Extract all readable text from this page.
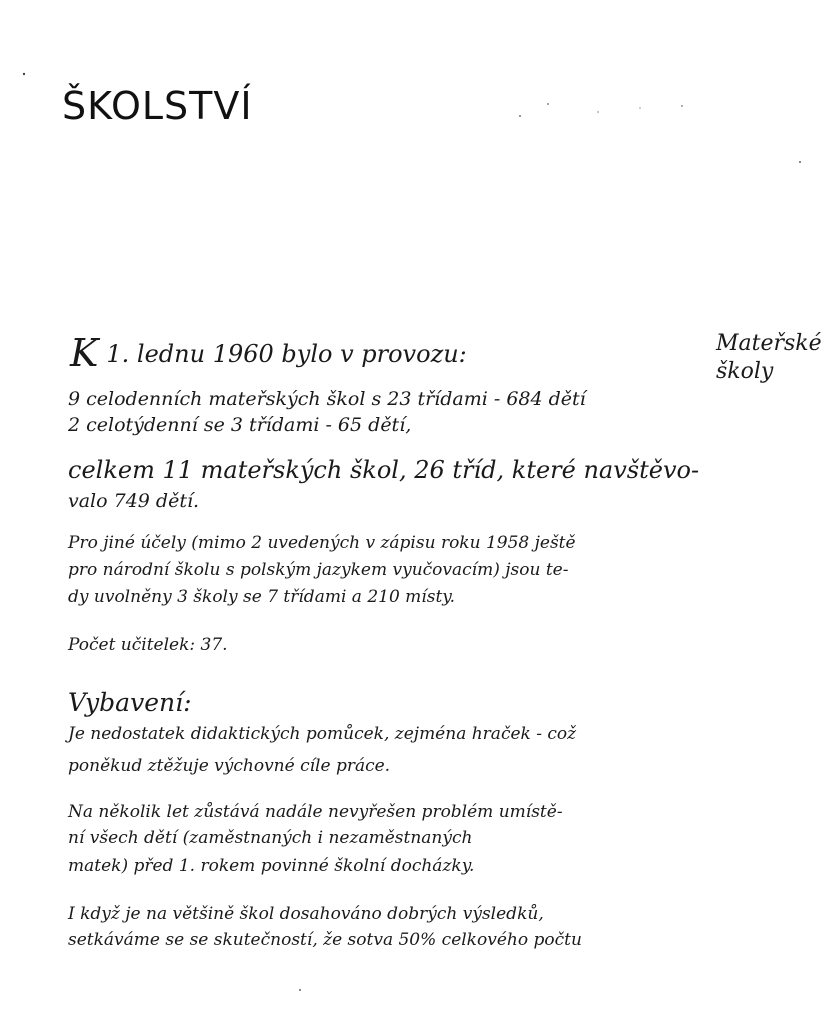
ŠKOLSTVÍ
Mateřské
školy
K 1. lednu 1960 bylo v provozu:
9 celodenních mateřských škol s 23 třídami - 684 dětí
2 celotýdenní se 3 třídami - 65 dětí,
celkem 11 mateřských škol, 26 tříd, které navštěvo-
valo 749 dětí.
Pro jiné účely (mimo 2 uvedených v zápisu roku 1958 ještě
pro národní školu s polským jazykem vyučovacím) jsou te-
dy uvolněny 3 školy se 7 třídami a 210 místy.
Počet učitelek: 37.
Vybavení:
Je nedostatek didaktických pomůcek, zejména hraček - což
poněkud ztěžuje výchovné cíle práce.
Na několik let zůstává nadále nevyřešen problém umístě-
ní všech dětí (zaměstnaných i nezaměstnaných
matek) před 1. rokem povinné školní docházky.
I když je na většině škol dosahováno dobrých výsledků,
setkáváme se se skutečností, že sotva 50% celkového počtu
